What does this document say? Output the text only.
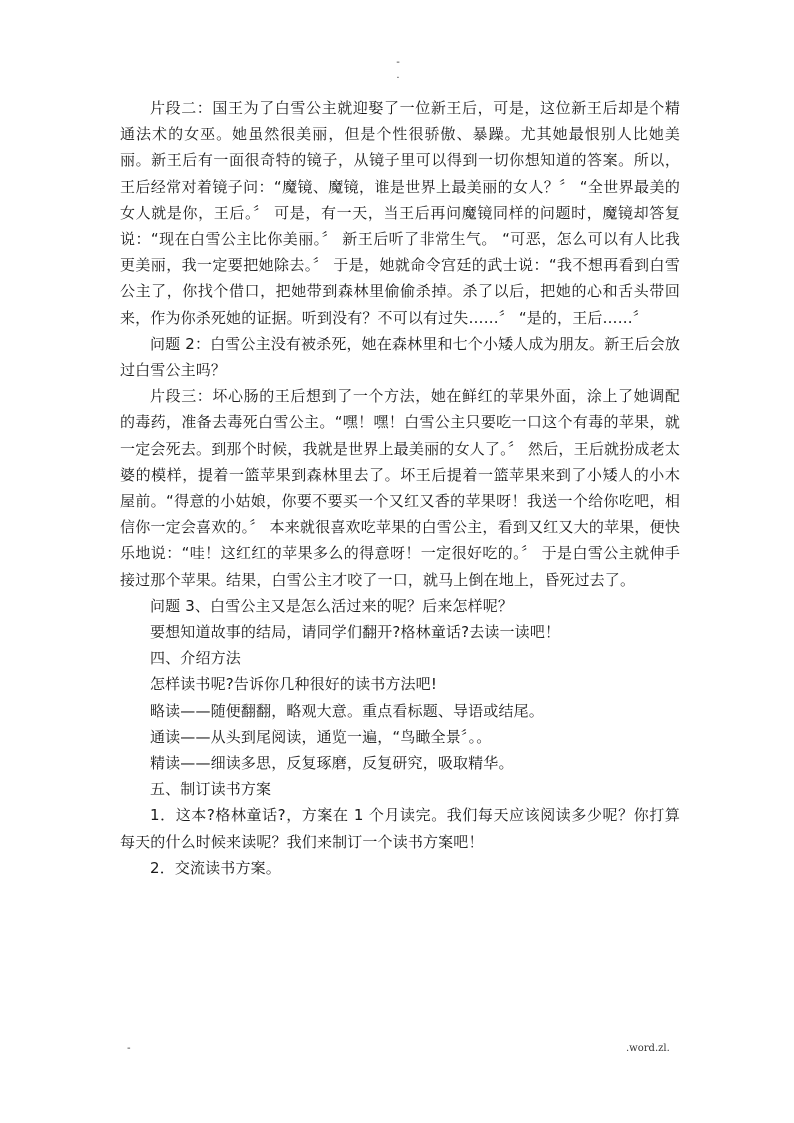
-
.

片段二：国王为了白雪公主就迎娶了一位新王后，可是，这位新王后却是个精通法术的女巫。她虽然很美丽，但是个性很骄傲、暴躁。尤其她最恨别人比她美丽。新王后有一面很奇特的镜子，从镜子里可以得到一切你想知道的答案。所以，王后经常对着镜子问：“魔镜、魔镜，谁是世界上最美丽的女人？〞 “全世界最美的女人就是你，王后。〞 可是，有一天，当王后再问魔镜同样的问题时，魔镜却答复说：“现在白雪公主比你美丽。〞 新王后听了非常生气。 “可恶，怎么可以有人比我更美丽，我一定要把她除去。〞 于是，她就命令宫廷的武士说：“我不想再看到白雪公主了，你找个借口，把她带到森林里偷偷杀掉。杀了以后，把她的心和舌头带回来，作为你杀死她的证据。听到没有？不可以有过失……〞 “是的，王后……〞

问题 2：白雪公主没有被杀死，她在森林里和七个小矮人成为朋友。新王后会放过白雪公主吗？

片段三：坏心肠的王后想到了一个方法，她在鲜红的苹果外面，涂上了她调配的毒药，准备去毒死白雪公主。“嘿！嘿！白雪公主只要吃一口这个有毒的苹果，就一定会死去。到那个时候，我就是世界上最美丽的女人了。〞 然后，王后就扮成老太婆的模样，提着一篮苹果到森林里去了。坏王后提着一篮苹果来到了小矮人的小木屋前。“得意的小姑娘，你要不要买一个又红又香的苹果呀！我送一个给你吃吧，相信你一定会喜欢的。〞 本来就很喜欢吃苹果的白雪公主，看到又红又大的苹果，便快乐地说：“哇！这红红的苹果多么的得意呀！一定很好吃的。〞 于是白雪公主就伸手接过那个苹果。结果，白雪公主才咬了一口，就马上倒在地上，昏死过去了。

问题 3、白雪公主又是怎么活过来的呢？后来怎样呢？

要想知道故事的结局，请同学们翻开?格林童话?去读一读吧！

四、介绍方法

怎样读书呢?告诉你几种很好的读书方法吧!

略读——随便翻翻，略观大意。重点看标题、导语或结尾。

通读——从头到尾阅读，通览一遍，“鸟瞰全景〞。。

精读——细读多思，反复琢磨，反复研究，吸取精华。

五、制订读书方案

1．这本?格林童话?，方案在 1 个月读完。我们每天应该阅读多少呢？你打算每天的什么时候来读呢？我们来制订一个读书方案吧！

2．交流读书方案。

-	.word.zl.
